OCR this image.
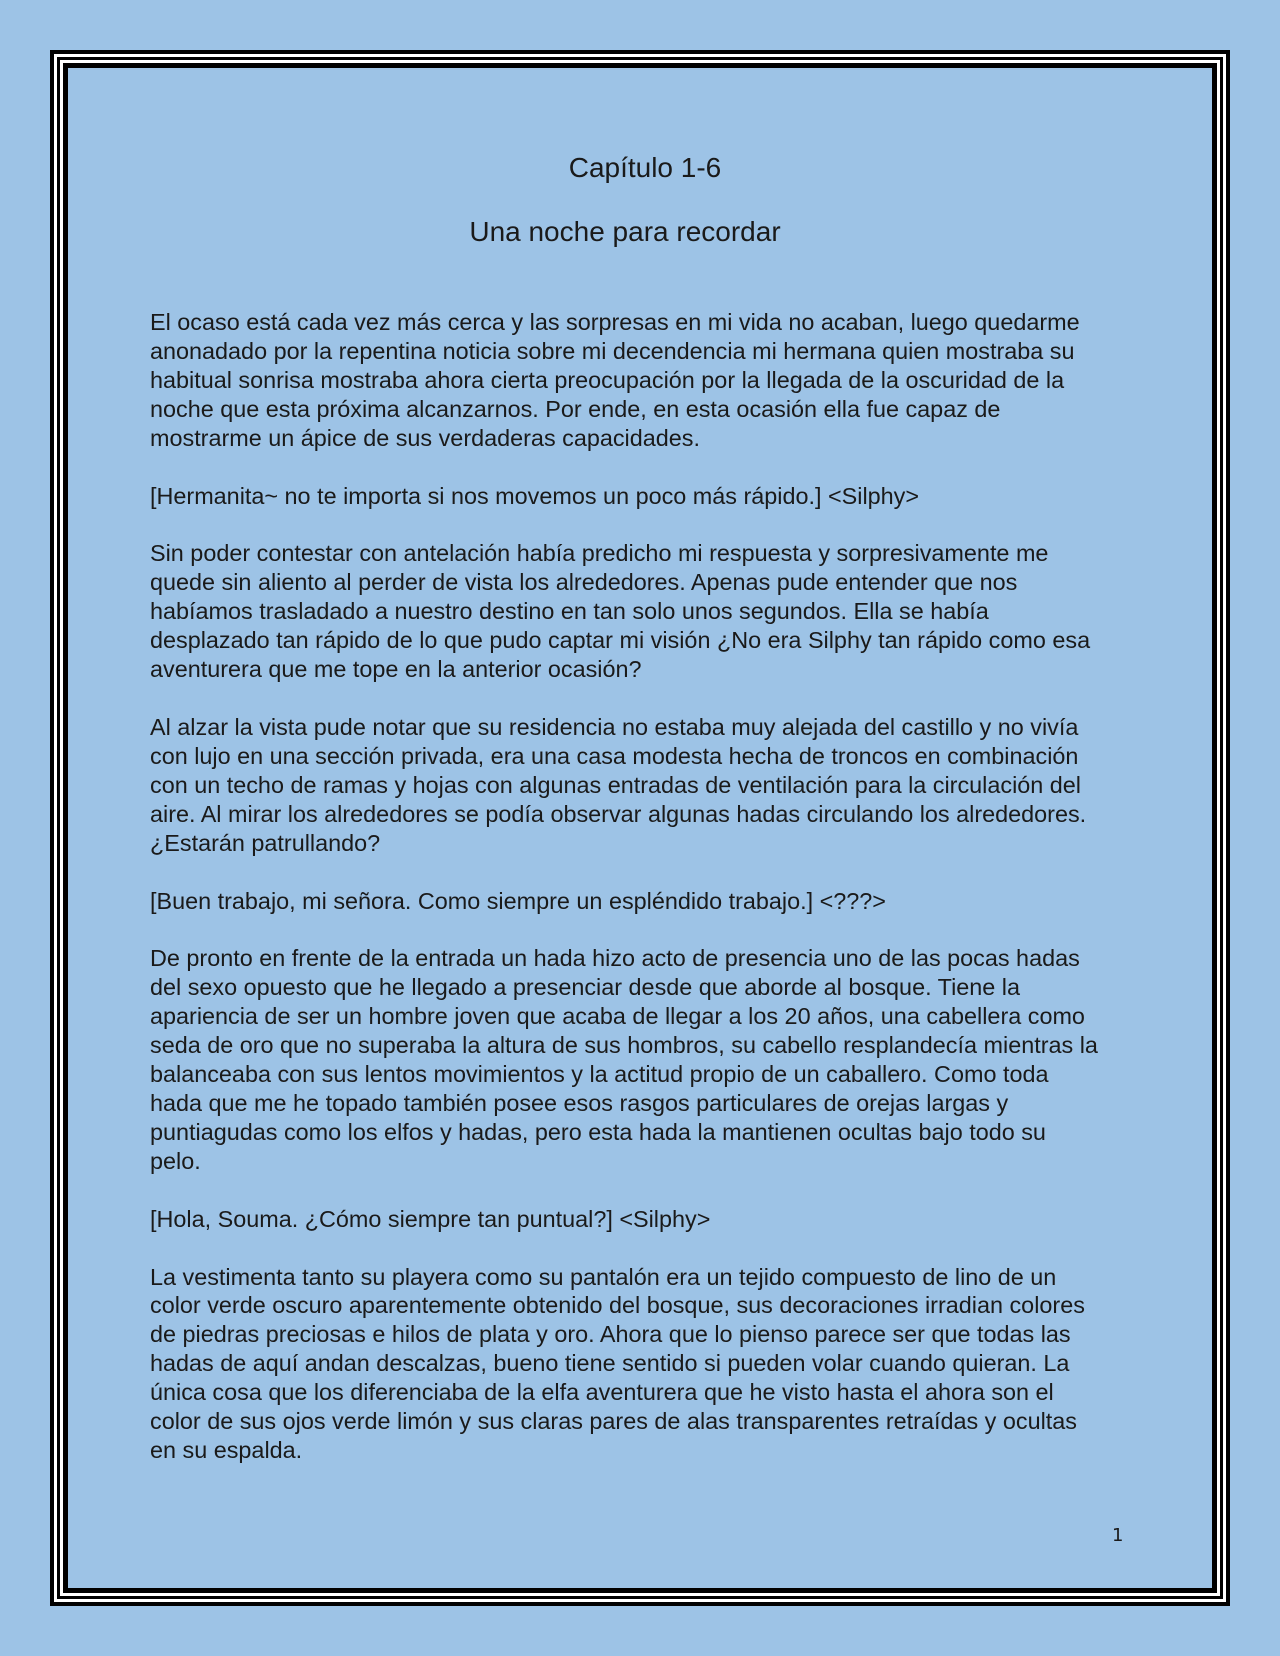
Capítulo 1-6
Una noche para recordar

El ocaso está cada vez más cerca y las sorpresas en mi vida no acaban, luego quedarme anonadado por la repentina noticia sobre mi decendencia mi hermana quien mostraba su habitual sonrisa mostraba ahora cierta preocupación por la llegada de la oscuridad de la noche que esta próxima alcanzarnos. Por ende, en esta ocasión ella fue capaz de mostrarme un ápice de sus verdaderas capacidades.

[Hermanita~ no te importa si nos movemos un poco más rápido.] <Silphy>

Sin poder contestar con antelación había predicho mi respuesta y sorpresivamente me quede sin aliento al perder de vista los alrededores. Apenas pude entender que nos habíamos trasladado a nuestro destino en tan solo unos segundos. Ella se había desplazado tan rápido de lo que pudo captar mi visión ¿No era Silphy tan rápido como esa aventurera que me tope en la anterior ocasión?

Al alzar la vista pude notar que su residencia no estaba muy alejada del castillo y no vivía con lujo en una sección privada, era una casa modesta hecha de troncos en combinación con un techo de ramas y hojas con algunas entradas de ventilación para la circulación del aire. Al mirar los alrededores se podía observar algunas hadas circulando los alrededores. ¿Estarán patrullando?

[Buen trabajo, mi señora. Como siempre un espléndido trabajo.] <???>

De pronto en frente de la entrada un hada hizo acto de presencia uno de las pocas hadas del sexo opuesto que he llegado a presenciar desde que aborde al bosque. Tiene la apariencia de ser un hombre joven que acaba de llegar a los 20 años, una cabellera como seda de oro que no superaba la altura de sus hombros, su cabello resplandecía mientras la balanceaba con sus lentos movimientos y la actitud propio de un caballero. Como toda hada que me he topado también posee esos rasgos particulares de orejas largas y puntiagudas como los elfos y hadas, pero esta hada la mantienen ocultas bajo todo su pelo.

[Hola, Souma. ¿Cómo siempre tan puntual?] <Silphy>

La vestimenta tanto su playera como su pantalón era un tejido compuesto de lino de un color verde oscuro aparentemente obtenido del bosque, sus decoraciones irradian colores de piedras preciosas e hilos de plata y oro. Ahora que lo pienso parece ser que todas las hadas de aquí andan descalzas, bueno tiene sentido si pueden volar cuando quieran. La única cosa que los diferenciaba de la elfa aventurera que he visto hasta el ahora son el color de sus ojos verde limón y sus claras pares de alas transparentes retraídas y ocultas en su espalda.

1
